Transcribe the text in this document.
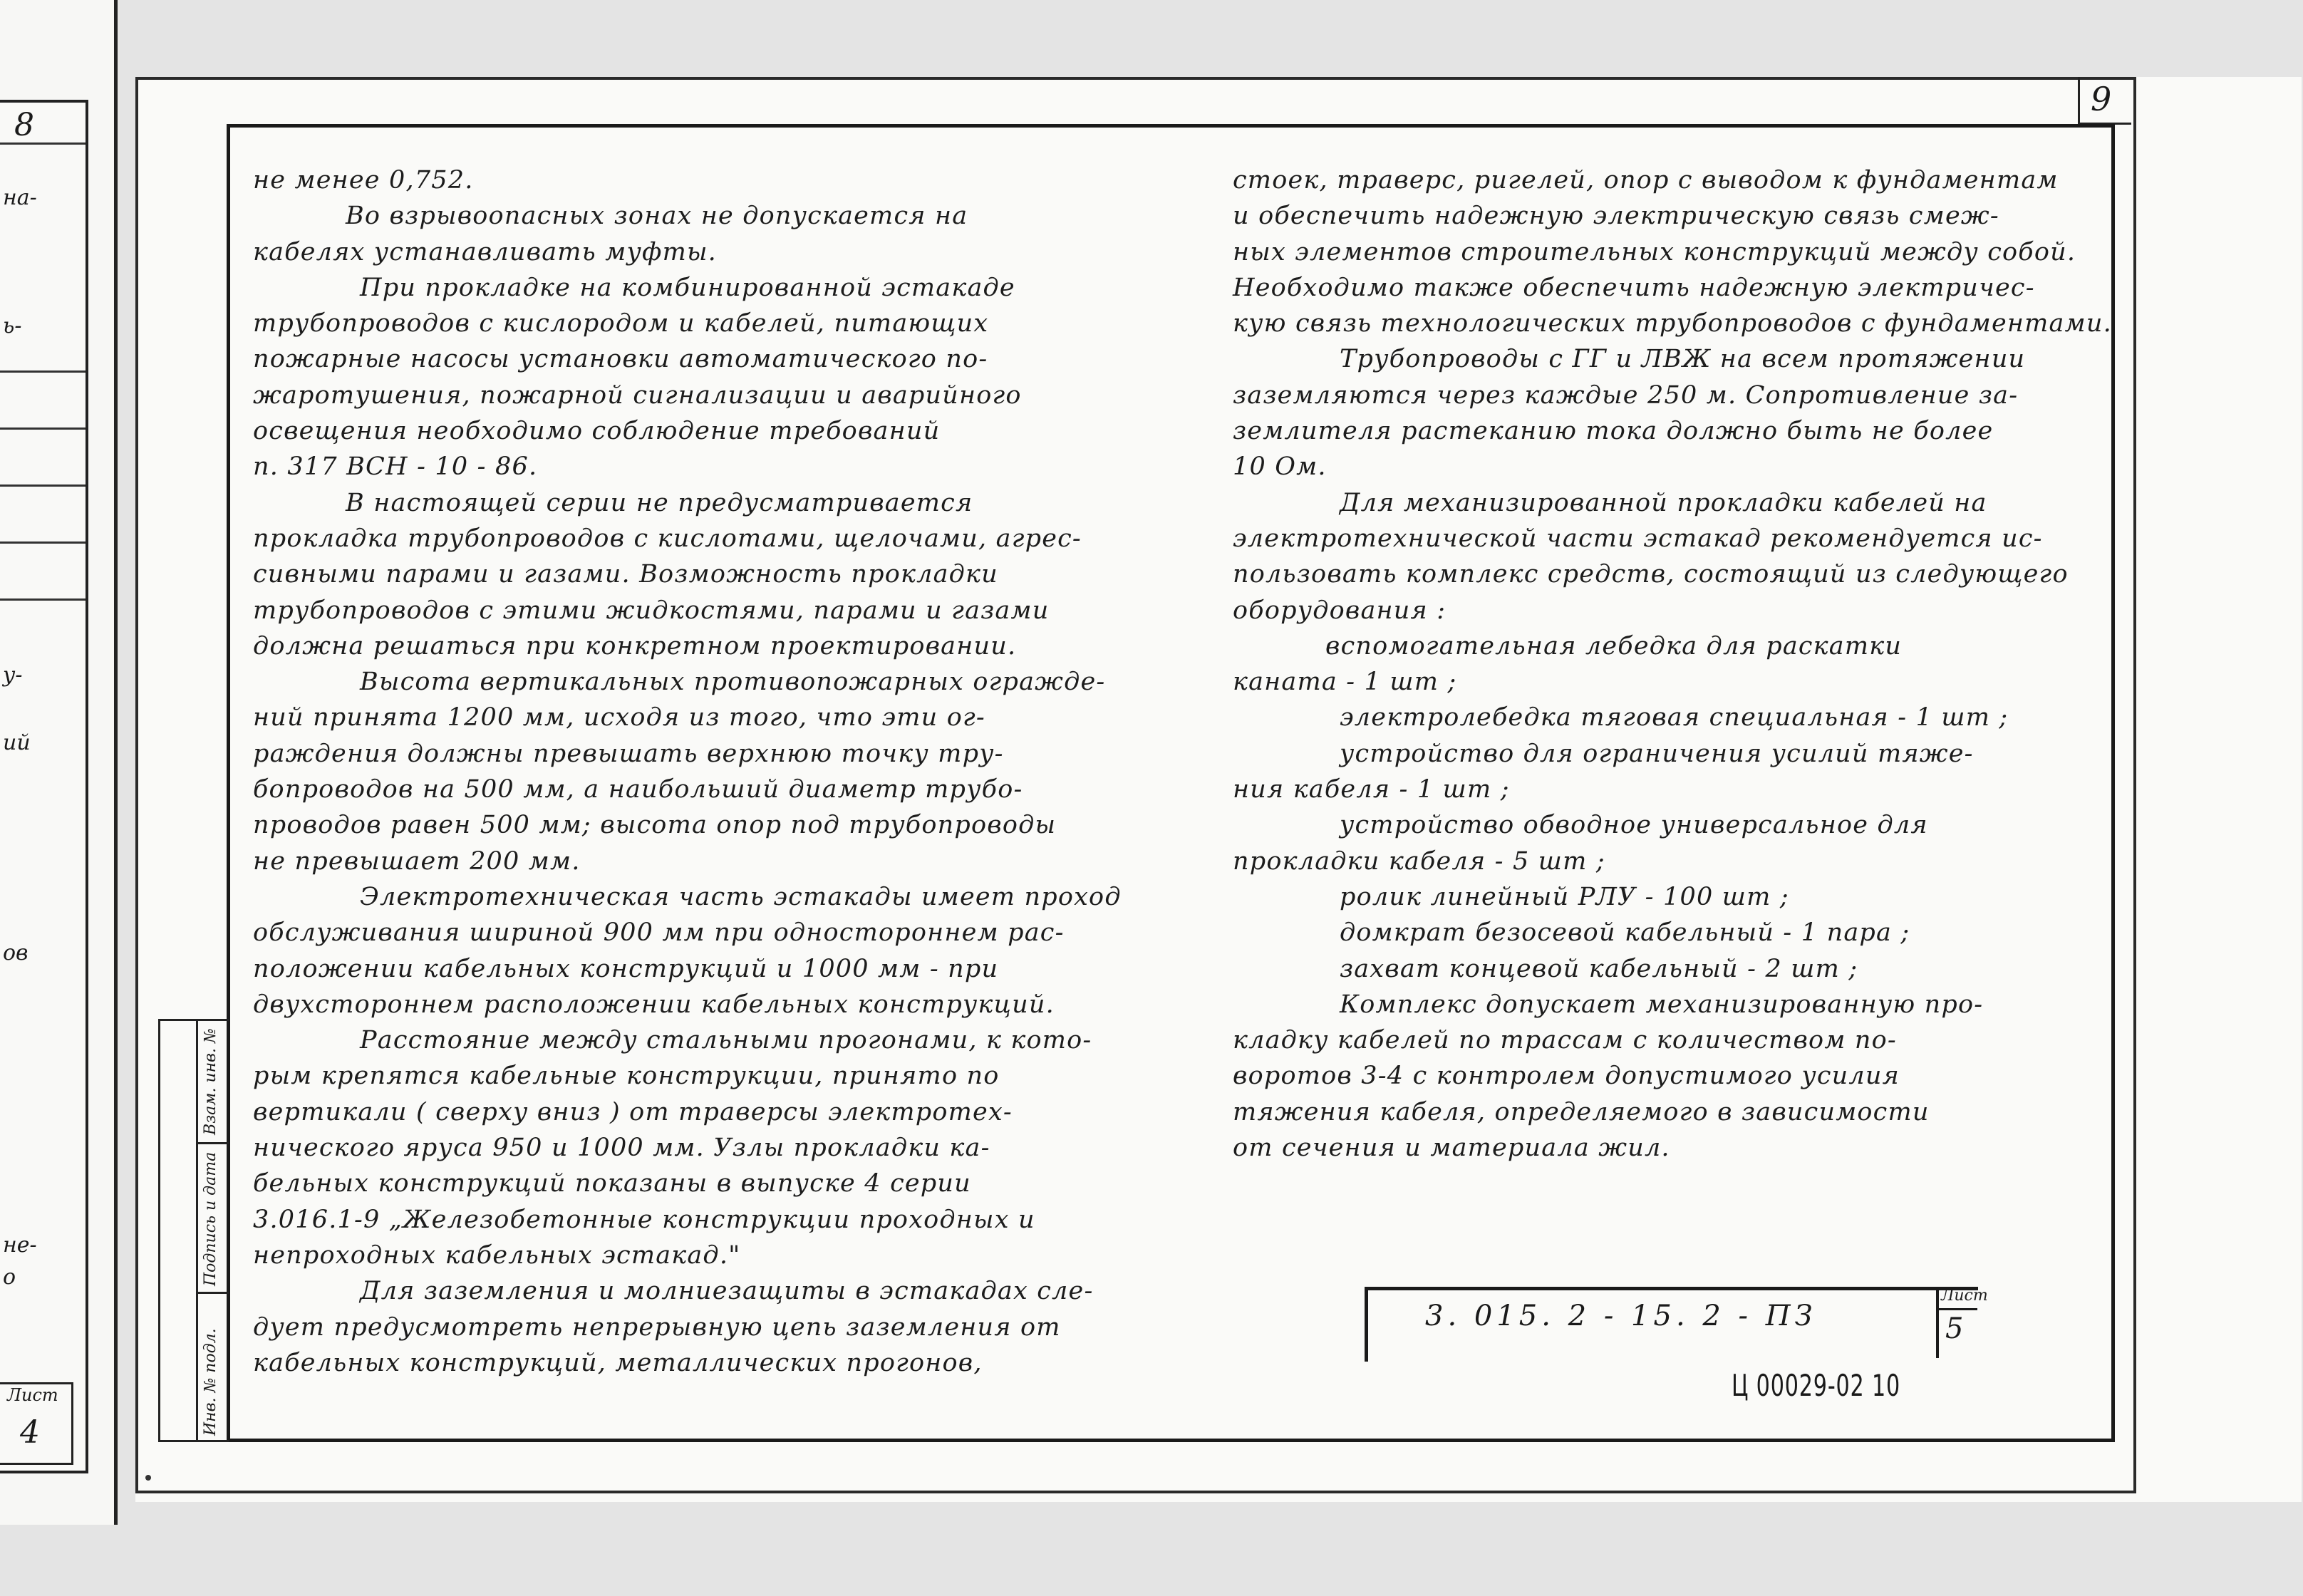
8
на-
ь-
у-
ий
ов
не-
о
Лист
4
9

не менее 0,752.

Во взрывоопасных зонах не допускается на

кабелях устанавливать муфты.

При прокладке на комбинированной эстакаде

трубопроводов с кислородом и кабелей, питающих

пожарные насосы установки автоматического по-

жаротушения, пожарной сигнализации и аварийного

освещения необходимо соблюдение требований

п. 317 ВСН - 10 - 86.

В настоящей серии не предусматривается

прокладка трубопроводов с кислотами, щелочами, агрес-

сивными парами и газами. Возможность прокладки

трубопроводов с этими жидкостями, парами и газами

должна решаться при конкретном проектировании.

Высота вертикальных противопожарных огражде-

ний принята 1200 мм, исходя из того, что эти ог-

раждения должны превышать верхнюю точку тру-

бопроводов на 500 мм, а наибольший диаметр трубо-

проводов равен 500 мм; высота опор под трубопроводы

не превышает 200 мм.

Электротехническая часть эстакады имеет проход

обслуживания шириной 900 мм при одностороннем рас-

положении кабельных конструкций и 1000 мм - при

двухстороннем расположении кабельных конструкций.

Расстояние между стальными прогонами, к кото-

рым крепятся кабельные конструкции, принято по

вертикали ( сверху вниз ) от траверсы электротех-

нического яруса 950 и 1000 мм. Узлы прокладки ка-

бельных конструкций показаны в выпуске 4 серии

3.016.1-9 „Железобетонные конструкции проходных и

непроходных кабельных эстакад."

Для заземления и молниезащиты в эстакадах сле-

дует предусмотреть непрерывную цепь заземления от

кабельных конструкций, металлических прогонов,

стоек, траверс, ригелей, опор с выводом к фундаментам

и обеспечить надежную электрическую связь смеж-

ных элементов строительных конструкций между собой.

Необходимо также обеспечить надежную электричес-

кую связь технологических трубопроводов с фундаментами.

Трубопроводы с ГГ и ЛВЖ на всем протяжении

заземляются через каждые 250 м. Сопротивление за-

землителя растеканию тока должно быть не более

10 Ом.

Для механизированной прокладки кабелей на

электротехнической части эстакад рекомендуется ис-

пользовать комплекс средств, состоящий из следующего

оборудования :

вспомогательная лебедка для раскатки

каната - 1 шт ;

электролебедка тяговая специальная - 1 шт ;

устройство для ограничения усилий тяже-

ния кабеля - 1 шт ;

устройство обводное универсальное для

прокладки кабеля - 5 шт ;

ролик линейный РЛУ - 100 шт ;

домкрат безосевой кабельный - 1 пара ;

захват концевой кабельный - 2 шт ;

Комплекс допускает механизированную про-

кладку кабелей по трассам с количеством по-

воротов 3-4 с контролем допустимого усилия

тяжения кабеля, определяемого в зависимости

от сечения и материала жил.

Взам. инв. №
Подпись и дата
Инв. № подл.
3. 015. 2 - 15. 2 - ПЗ
Лист
5
Ц 00029-02 10
